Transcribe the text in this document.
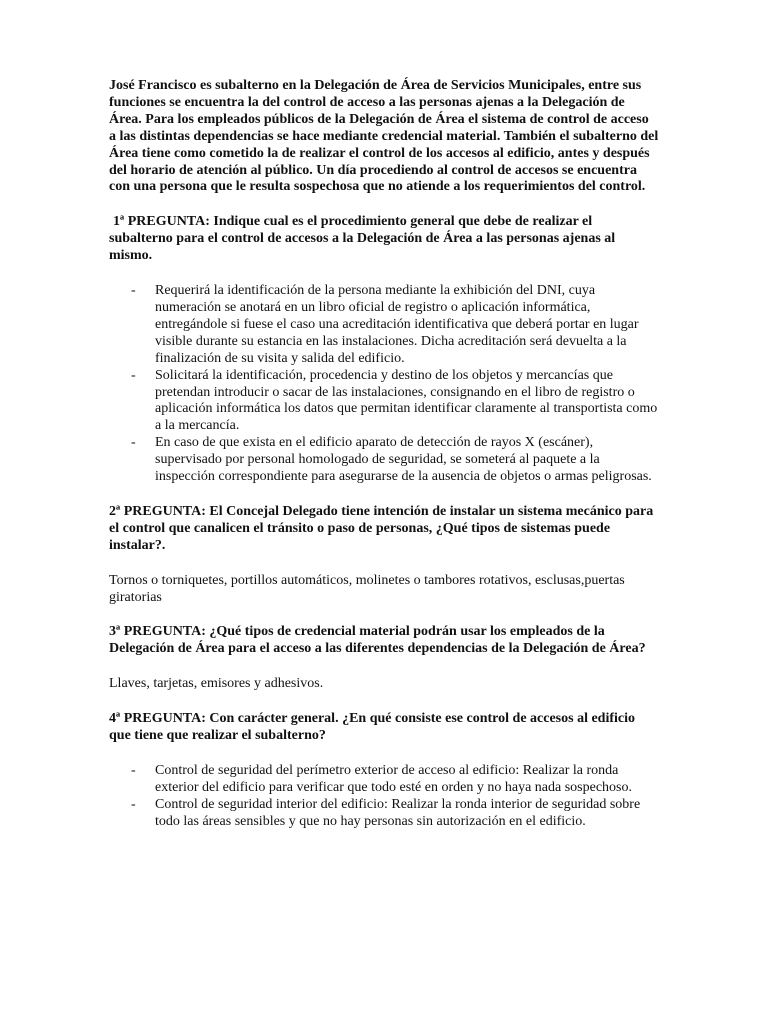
José Francisco es subalterno en la Delegación de Área de Servicios Municipales, entre sus funciones se encuentra la del control de acceso a las personas ajenas a la Delegación de Área. Para los empleados públicos de la Delegación de Área el sistema de control de acceso a las distintas dependencias se hace mediante credencial material. También el subalterno del Área tiene como cometido la de realizar el control de los accesos al edificio, antes y después del horario de atención al público. Un día procediendo al control de accesos se encuentra con una persona que le resulta sospechosa que no atiende a los requerimientos del control.

1ª PREGUNTA: Indique cual es el procedimiento general que debe de realizar el subalterno para el control de accesos a la Delegación de Área a las personas ajenas al mismo.

- Requerirá la identificación de la persona mediante la exhibición del DNI, cuya numeración se anotará en un libro oficial de registro o aplicación informática, entregándole si fuese el caso una acreditación identificativa que deberá portar en lugar visible durante su estancia en las instalaciones. Dicha acreditación será devuelta a la finalización de su visita y salida del edificio.
- Solicitará la identificación, procedencia y destino de los objetos y mercancías que pretendan introducir o sacar de las instalaciones, consignando en el libro de registro o aplicación informática los datos que permitan identificar claramente al transportista como a la mercancía.
- En caso de que exista en el edificio aparato de detección de rayos X (escáner), supervisado por personal homologado de seguridad, se someterá al paquete a la inspección correspondiente para asegurarse de la ausencia de objetos o armas peligrosas.

2ª PREGUNTA: El Concejal Delegado tiene intención de instalar un sistema mecánico para el control que canalicen el tránsito o paso de personas, ¿Qué tipos de sistemas puede instalar?.

Tornos o torniquetes, portillos automáticos, molinetes o tambores rotativos, esclusas,puertas giratorias

3ª PREGUNTA: ¿Qué tipos de credencial material podrán usar los empleados de la Delegación de Área para el acceso a las diferentes dependencias de la Delegación de Área?

Llaves, tarjetas, emisores y adhesivos.

4ª PREGUNTA: Con carácter general. ¿En qué consiste ese control de accesos al edificio que tiene que realizar el subalterno?

- Control de seguridad del perímetro exterior de acceso al edificio: Realizar la ronda exterior del edificio para verificar que todo esté en orden y no haya nada sospechoso.
- Control de seguridad interior del edificio: Realizar la ronda interior de seguridad sobre todo las áreas sensibles y que no hay personas sin autorización en el edificio.
